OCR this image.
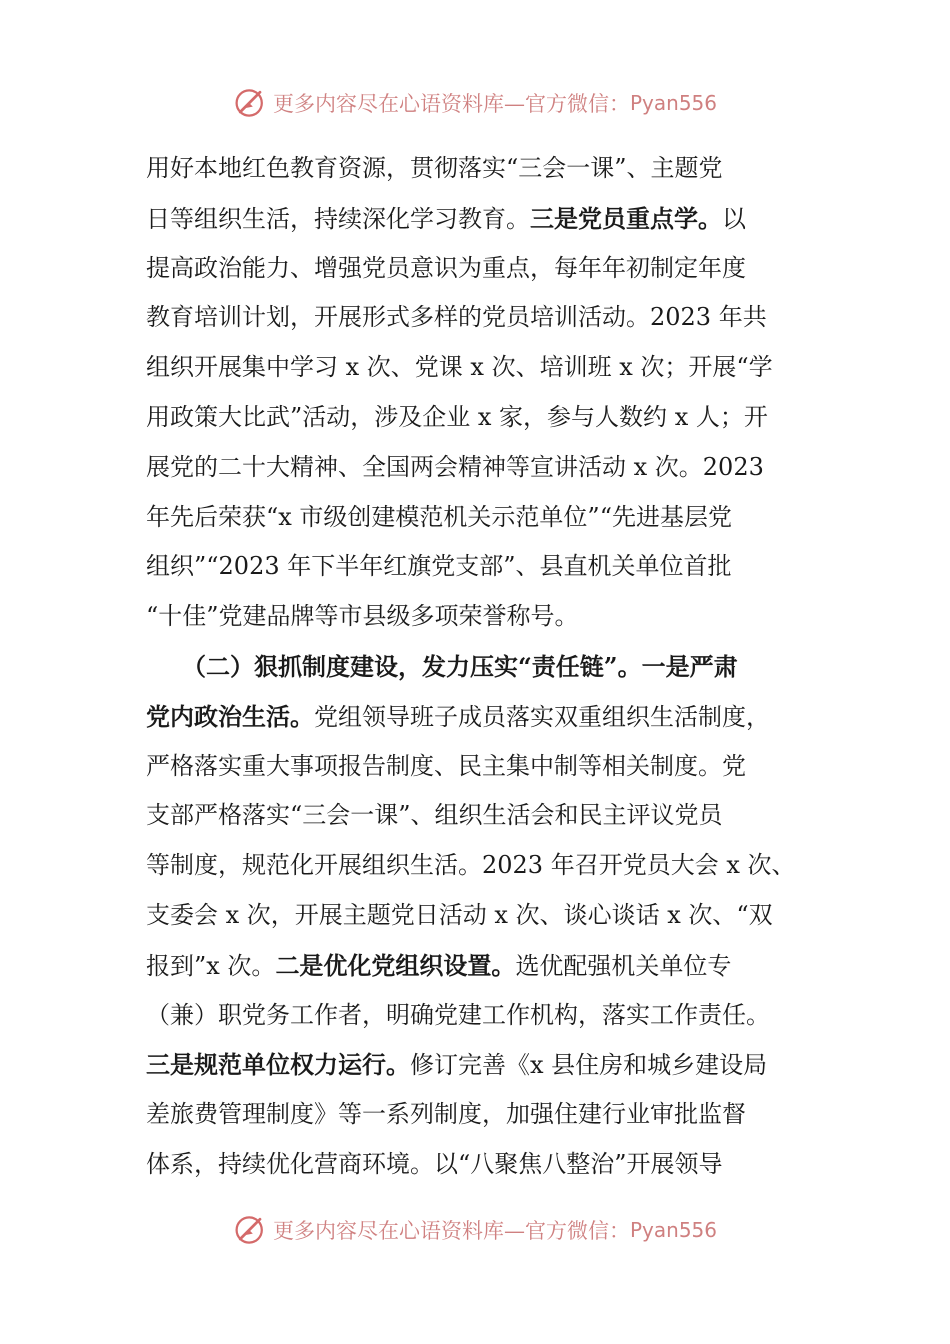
更多内容尽在心语资料库—官方微信： Pyan556
用好本地红色教育资源，贯彻落实“三会一课”、主题党
日等组织生活，持续深化学习教育。三是党员重点学。以
提高政治能力、增强党员意识为重点，每年年初制定年度
教育培训计划，开展形式多样的党员培训活动。2023 年共
组织开展集中学习 x 次、党课 x 次、培训班 x 次；开展“学
用政策大比武”活动，涉及企业 x 家，参与人数约 x 人；开
展党的二十大精神、全国两会精神等宣讲活动 x 次。2023
年先后荣获“x 市级创建模范机关示范单位”“先进基层党
组织”“2023 年下半年红旗党支部”、县直机关单位首批
“十佳”党建品牌等市县级多项荣誉称号。
　　（二）狠抓制度建设，发力压实“责任链”。一是严肃
党内政治生活。党组领导班子成员落实双重组织生活制度，
严格落实重大事项报告制度、民主集中制等相关制度。党
支部严格落实“三会一课”、组织生活会和民主评议党员
等制度，规范化开展组织生活。2023 年召开党员大会 x 次、
支委会 x 次，开展主题党日活动 x 次、谈心谈话 x 次、“双
报到”x 次。二是优化党组织设置。选优配强机关单位专
（兼）职党务工作者，明确党建工作机构，落实工作责任。
三是规范单位权力运行。修订完善《x 县住房和城乡建设局
差旅费管理制度》等一系列制度，加强住建行业审批监督
体系，持续优化营商环境。以“八聚焦八整治”开展领导
更多内容尽在心语资料库—官方微信： Pyan556
